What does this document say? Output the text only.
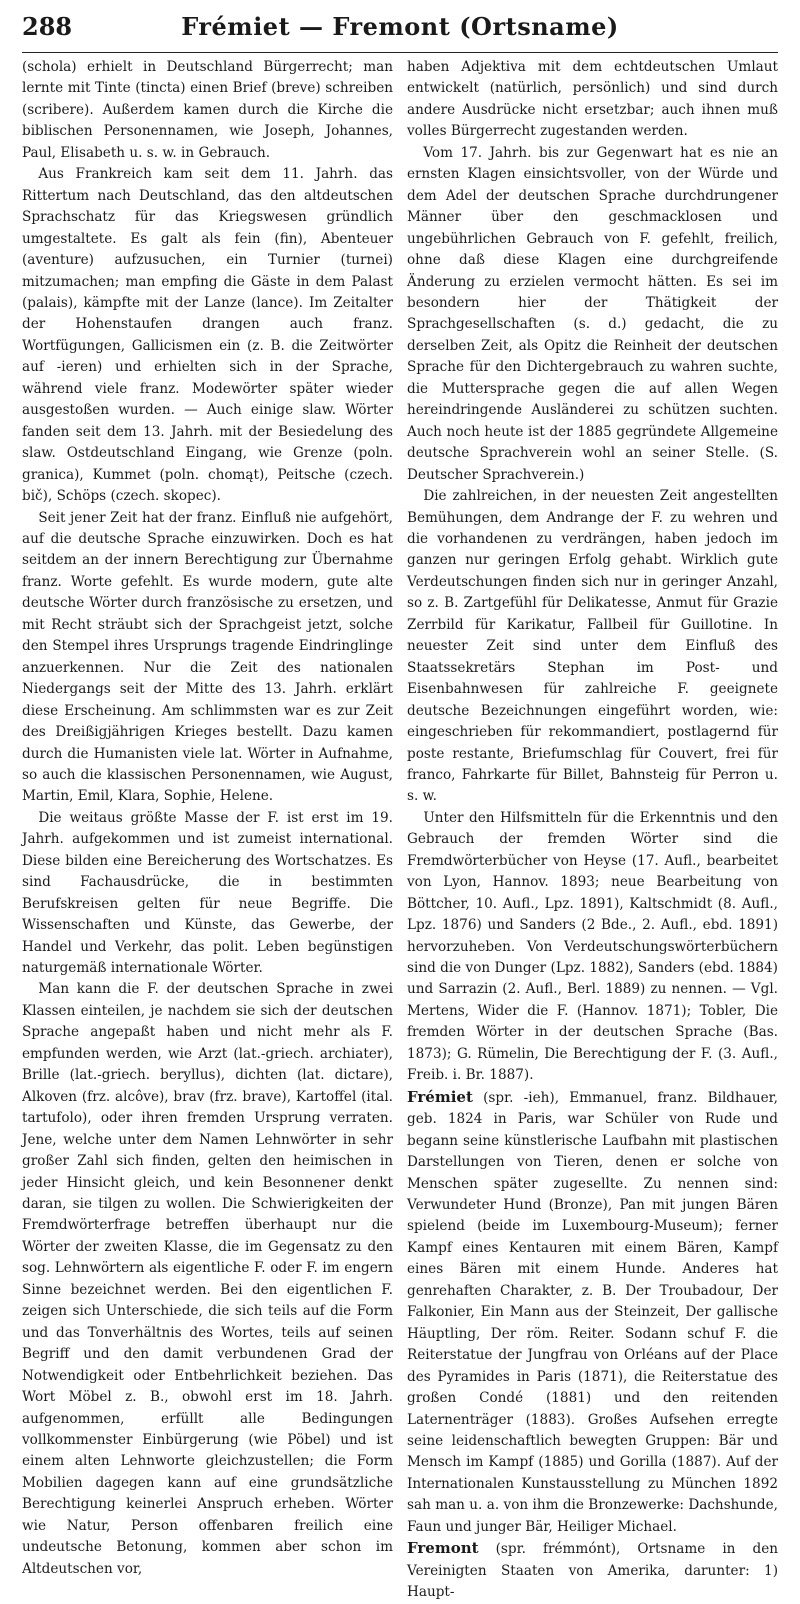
288	Frémiet — Fremont (Ortsname)

(schola) erhielt in Deutschland Bürgerrecht; man lernte mit Tinte (tincta) einen Brief (breve) schreiben (scribere). Außerdem kamen durch die Kirche die biblischen Personennamen, wie Joseph, Johannes, Paul, Elisabeth u. s. w. in Gebrauch.

Aus Frankreich kam seit dem 11. Jahrh. das Rittertum nach Deutschland, das den altdeutschen Sprachschatz für das Kriegswesen gründlich umgestaltete. Es galt als fein (fin), Abenteuer (aventure) aufzusuchen, ein Turnier (turnei) mitzumachen; man empfing die Gäste in dem Palast (palais), kämpfte mit der Lanze (lance). Im Zeitalter der Hohenstaufen drangen auch franz. Wortfügungen, Gallicismen ein (z. B. die Zeitwörter auf -ieren) und erhielten sich in der Sprache, während viele franz. Modewörter später wieder ausgestoßen wurden. — Auch einige slaw. Wörter fanden seit dem 13. Jahrh. mit der Besiedelung des slaw. Ostdeutschland Eingang, wie Grenze (poln. granica), Kummet (poln. chomąt), Peitsche (czech. bič), Schöps (czech. skopec).

Seit jener Zeit hat der franz. Einfluß nie aufgehört, auf die deutsche Sprache einzuwirken. Doch es hat seitdem an der innern Berechtigung zur Übernahme franz. Worte gefehlt. Es wurde modern, gute alte deutsche Wörter durch französische zu ersetzen, und mit Recht sträubt sich der Sprachgeist jetzt, solche den Stempel ihres Ursprungs tragende Eindringlinge anzuerkennen. Nur die Zeit des nationalen Niedergangs seit der Mitte des 13. Jahrh. erklärt diese Erscheinung. Am schlimmsten war es zur Zeit des Dreißigjährigen Krieges bestellt. Dazu kamen durch die Humanisten viele lat. Wörter in Aufnahme, so auch die klassischen Personennamen, wie August, Martin, Emil, Klara, Sophie, Helene.

Die weitaus größte Masse der F. ist erst im 19. Jahrh. aufgekommen und ist zumeist international. Diese bilden eine Bereicherung des Wortschatzes. Es sind Fachausdrücke, die in bestimmten Berufskreisen gelten für neue Begriffe. Die Wissenschaften und Künste, das Gewerbe, der Handel und Verkehr, das polit. Leben begünstigen naturgemäß internationale Wörter.

Man kann die F. der deutschen Sprache in zwei Klassen einteilen, je nachdem sie sich der deutschen Sprache angepaßt haben und nicht mehr als F. empfunden werden, wie Arzt (lat.-griech. archiater), Brille (lat.-griech. beryllus), dichten (lat. dictare), Alkoven (frz. alcôve), brav (frz. brave), Kartoffel (ital. tartufolo), oder ihren fremden Ursprung verraten. Jene, welche unter dem Namen Lehnwörter in sehr großer Zahl sich finden, gelten den heimischen in jeder Hinsicht gleich, und kein Besonnener denkt daran, sie tilgen zu wollen. Die Schwierigkeiten der Fremdwörterfrage betreffen überhaupt nur die Wörter der zweiten Klasse, die im Gegensatz zu den sog. Lehnwörtern als eigentliche F. oder F. im engern Sinne bezeichnet werden. Bei den eigentlichen F. zeigen sich Unterschiede, die sich teils auf die Form und das Tonverhältnis des Wortes, teils auf seinen Begriff und den damit verbundenen Grad der Notwendigkeit oder Entbehrlichkeit beziehen. Das Wort Möbel z. B., obwohl erst im 18. Jahrh. aufgenommen, erfüllt alle Bedingungen vollkommenster Einbürgerung (wie Pöbel) und ist einem alten Lehnworte gleichzustellen; die Form Mobilien dagegen kann auf eine grundsätzliche Berechtigung keinerlei Anspruch erheben. Wörter wie Natur, Person offenbaren freilich eine undeutsche Betonung, kommen aber schon im Altdeutschen vor,

haben Adjektiva mit dem echtdeutschen Umlaut entwickelt (natürlich, persönlich) und sind durch andere Ausdrücke nicht ersetzbar; auch ihnen muß volles Bürgerrecht zugestanden werden.

Vom 17. Jahrh. bis zur Gegenwart hat es nie an ernsten Klagen einsichtsvoller, von der Würde und dem Adel der deutschen Sprache durchdrungener Männer über den geschmacklosen und ungebührlichen Gebrauch von F. gefehlt, freilich, ohne daß diese Klagen eine durchgreifende Änderung zu erzielen vermocht hätten. Es sei im besondern hier der Thätigkeit der Sprachgesellschaften (s. d.) gedacht, die zu derselben Zeit, als Opitz die Reinheit der deutschen Sprache für den Dichtergebrauch zu wahren suchte, die Muttersprache gegen die auf allen Wegen hereindringende Ausländerei zu schützen suchten. Auch noch heute ist der 1885 gegründete Allgemeine deutsche Sprachverein wohl an seiner Stelle. (S. Deutscher Sprachverein.)

Die zahlreichen, in der neuesten Zeit angestellten Bemühungen, dem Andrange der F. zu wehren und die vorhandenen zu verdrängen, haben jedoch im ganzen nur geringen Erfolg gehabt. Wirklich gute Verdeutschungen finden sich nur in geringer Anzahl, so z. B. Zartgefühl für Delikatesse, Anmut für Grazie Zerrbild für Karikatur, Fallbeil für Guillotine. In neuester Zeit sind unter dem Einfluß des Staatssekretärs Stephan im Post- und Eisenbahnwesen für zahlreiche F. geeignete deutsche Bezeichnungen eingeführt worden, wie: eingeschrieben für rekommandiert, postlagernd für poste restante, Briefumschlag für Couvert, frei für franco, Fahrkarte für Billet, Bahnsteig für Perron u. s. w.

Unter den Hilfsmitteln für die Erkenntnis und den Gebrauch der fremden Wörter sind die Fremdwörterbücher von Heyse (17. Aufl., bearbeitet von Lyon, Hannov. 1893; neue Bearbeitung von Böttcher, 10. Aufl., Lpz. 1891), Kaltschmidt (8. Aufl., Lpz. 1876) und Sanders (2 Bde., 2. Aufl., ebd. 1891) hervorzuheben. Von Verdeutschungswörterbüchern sind die von Dunger (Lpz. 1882), Sanders (ebd. 1884) und Sarrazin (2. Aufl., Berl. 1889) zu nennen. — Vgl. Mertens, Wider die F. (Hannov. 1871); Tobler, Die fremden Wörter in der deutschen Sprache (Bas. 1873); G. Rümelin, Die Berechtigung der F. (3. Aufl., Freib. i. Br. 1887).

Frémiet (spr. -ieh), Emmanuel, franz. Bildhauer, geb. 1824 in Paris, war Schüler von Rude und begann seine künstlerische Laufbahn mit plastischen Darstellungen von Tieren, denen er solche von Menschen später zugesellte. Zu nennen sind: Verwundeter Hund (Bronze), Pan mit jungen Bären spielend (beide im Luxembourg-Museum); ferner Kampf eines Kentauren mit einem Bären, Kampf eines Bären mit einem Hunde. Anderes hat genrehaften Charakter, z. B. Der Troubadour, Der Falkonier, Ein Mann aus der Steinzeit, Der gallische Häuptling, Der röm. Reiter. Sodann schuf F. die Reiterstatue der Jungfrau von Orléans auf der Place des Pyramides in Paris (1871), die Reiterstatue des großen Condé (1881) und den reitenden Laternenträger (1883). Großes Aufsehen erregte seine leidenschaftlich bewegten Gruppen: Bär und Mensch im Kampf (1885) und Gorilla (1887). Auf der Internationalen Kunstausstellung zu München 1892 sah man u. a. von ihm die Bronzewerke: Dachshunde, Faun und junger Bär, Heiliger Michael.

Fremont (spr. frémmónt), Ortsname in den Vereinigten Staaten von Amerika, darunter: 1) Haupt-
